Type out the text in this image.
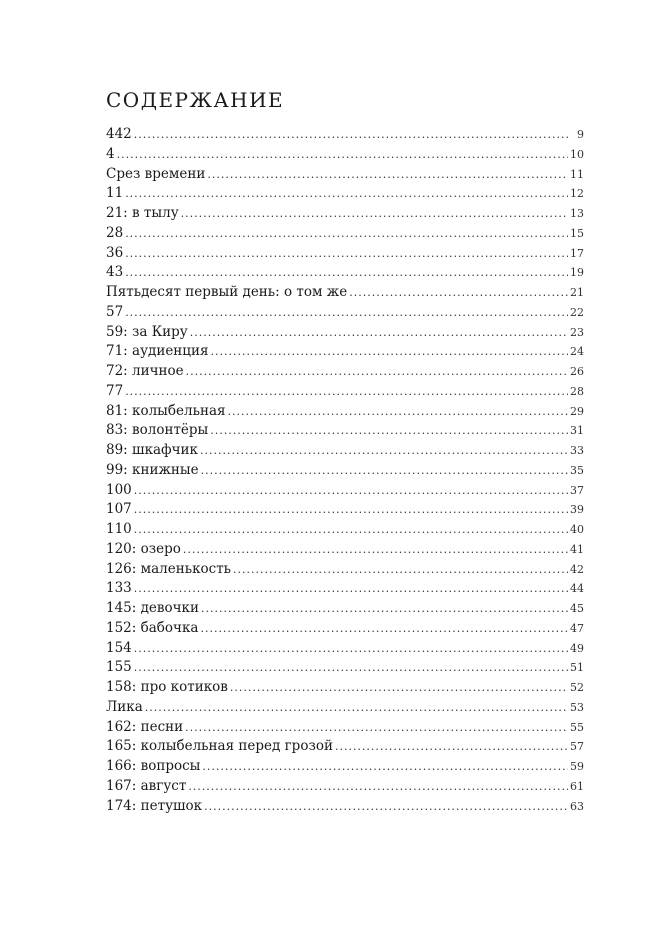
СОДЕРЖАНИЕ
442 .....	9
4 .....	10
Срез времени .....	11
11 .....	12
21: в тылу .....	13
28 .....	15
36 .....	17
43 .....	19
Пятьдесят первый день: о том же .....	21
57 .....	22
59: за Киру .....	23
71: аудиенция .....	24
72: личное .....	26
77 .....	28
81: колыбельная .....	29
83: волонтёры .....	31
89: шкафчик .....	33
99: книжные .....	35
100 .....	37
107 .....	39
110 .....	40
120: озеро .....	41
126: маленькость .....	42
133 .....	44
145: девочки .....	45
152: бабочка .....	47
154 .....	49
155 .....	51
158: про котиков .....	52
Лика .....	53
162: песни .....	55
165: колыбельная перед грозой .....	57
166: вопросы .....	59
167: август .....	61
174: петушок .....	63
